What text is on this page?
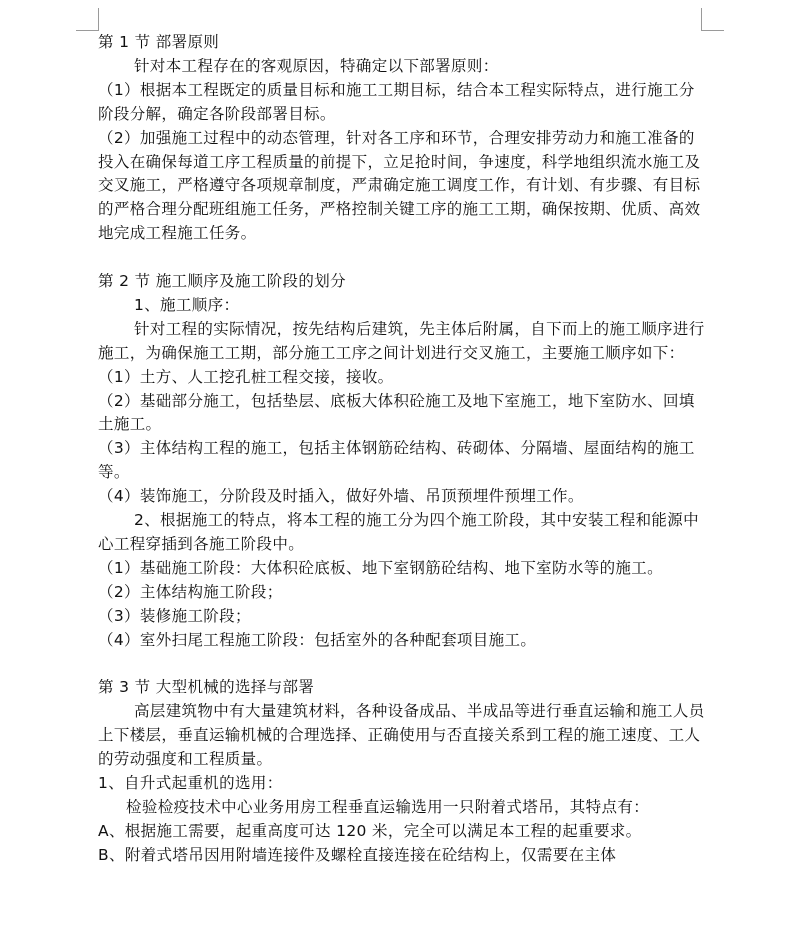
第 1 节 部署原则

针对本工程存在的客观原因，特确定以下部署原则：

（1）根据本工程既定的质量目标和施工工期目标，结合本工程实际特点，进行施工分阶段分解，确定各阶段部署目标。

（2）加强施工过程中的动态管理，针对各工序和环节，合理安排劳动力和施工准备的投入在确保每道工序工程质量的前提下，立足抢时间，争速度，科学地组织流水施工及交叉施工，严格遵守各项规章制度，严肃确定施工调度工作，有计划、有步骤、有目标的严格合理分配班组施工任务，严格控制关键工序的施工工期，确保按期、优质、高效地完成工程施工任务。

第 2 节 施工顺序及施工阶段的划分

1、施工顺序：

针对工程的实际情况，按先结构后建筑，先主体后附属，自下而上的施工顺序进行施工，为确保施工工期，部分施工工序之间计划进行交叉施工，主要施工顺序如下：

（1）土方、人工挖孔桩工程交接，接收。

（2）基础部分施工，包括垫层、底板大体积砼施工及地下室施工，地下室防水、回填土施工。

（3）主体结构工程的施工，包括主体钢筋砼结构、砖砌体、分隔墙、屋面结构的施工等。

（4）装饰施工，分阶段及时插入，做好外墙、吊顶预埋件预埋工作。

2、根据施工的特点，将本工程的施工分为四个施工阶段，其中安装工程和能源中心工程穿插到各施工阶段中。

（1）基础施工阶段：大体积砼底板、地下室钢筋砼结构、地下室防水等的施工。

（2）主体结构施工阶段；

（3）装修施工阶段；

（4）室外扫尾工程施工阶段：包括室外的各种配套项目施工。

第 3 节 大型机械的选择与部署

高层建筑物中有大量建筑材料，各种设备成品、半成品等进行垂直运输和施工人员上下楼层，垂直运输机械的合理选择、正确使用与否直接关系到工程的施工速度、工人的劳动强度和工程质量。

1、自升式起重机的选用：

检验检疫技术中心业务用房工程垂直运输选用一只附着式塔吊，其特点有：

A、根据施工需要，起重高度可达 120 米，完全可以满足本工程的起重要求。

B、附着式塔吊因用附墙连接件及螺栓直接连接在砼结构上，仅需要在主体
